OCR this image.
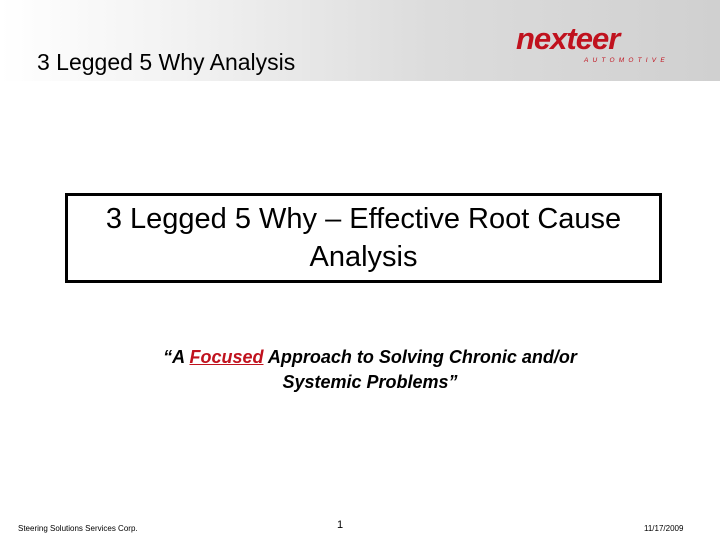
3 Legged 5 Why Analysis
nexteer
AUTOMOTIVE
3 Legged 5 Why – Effective Root Cause Analysis
“A Focused Approach to Solving Chronic and/or Systemic Problems”
Steering Solutions Services Corp.	1	11/17/2009
